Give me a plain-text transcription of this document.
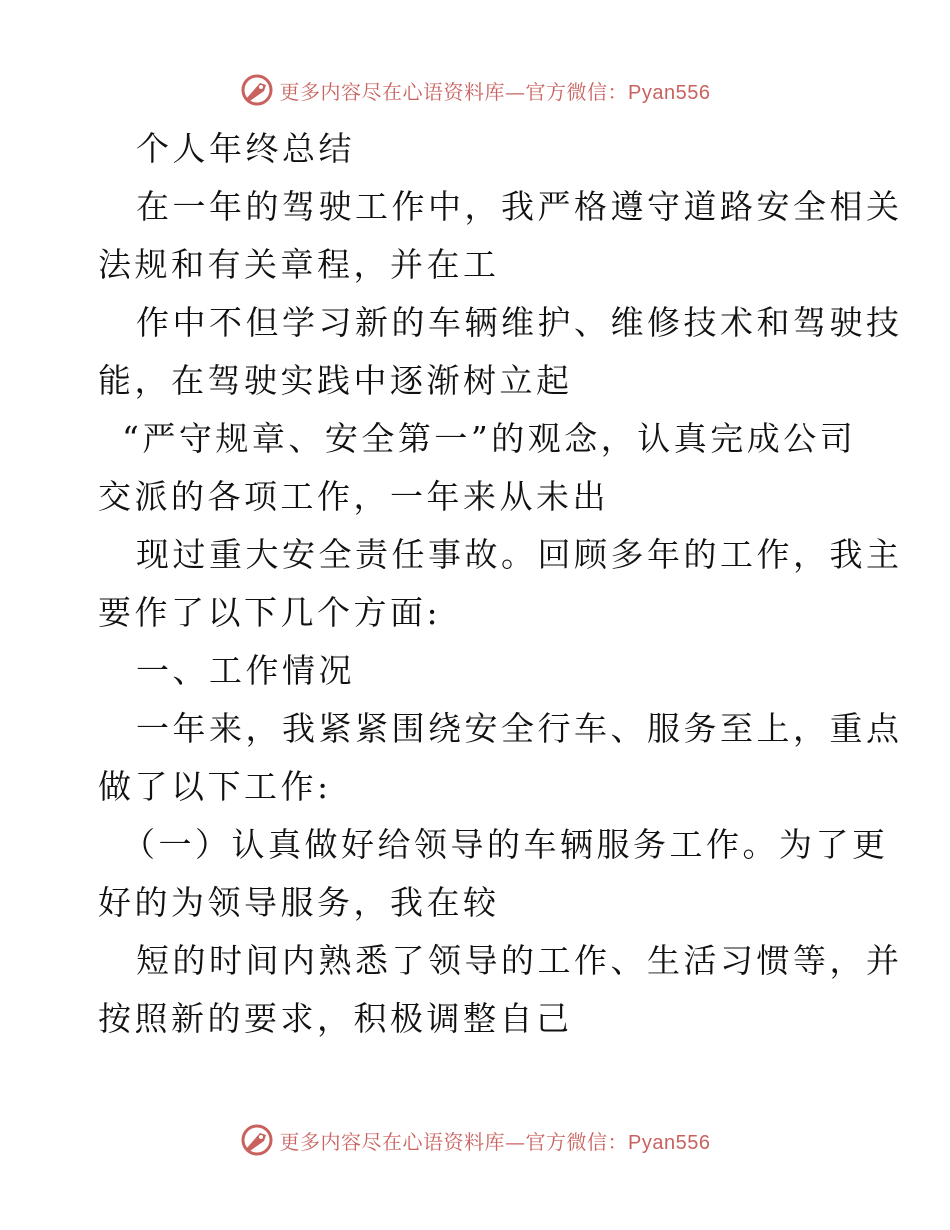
更多内容尽在心语资料库—官方微信：Pyan556
个人年终总结
在一年的驾驶工作中，我严格遵守道路安全相关
法规和有关章程，并在工
作中不但学习新的车辆维护、维修技术和驾驶技
能，在驾驶实践中逐渐树立起
“严守规章、安全第一”的观念，认真完成公司
交派的各项工作，一年来从未出
现过重大安全责任事故。回顾多年的工作，我主
要作了以下几个方面:
一、工作情况
一年来，我紧紧围绕安全行车、服务至上，重点
做了以下工作:
（一）认真做好给领导的车辆服务工作。为了更
好的为领导服务，我在较
短的时间内熟悉了领导的工作、生活习惯等，并
按照新的要求，积极调整自己
更多内容尽在心语资料库—官方微信：Pyan556
